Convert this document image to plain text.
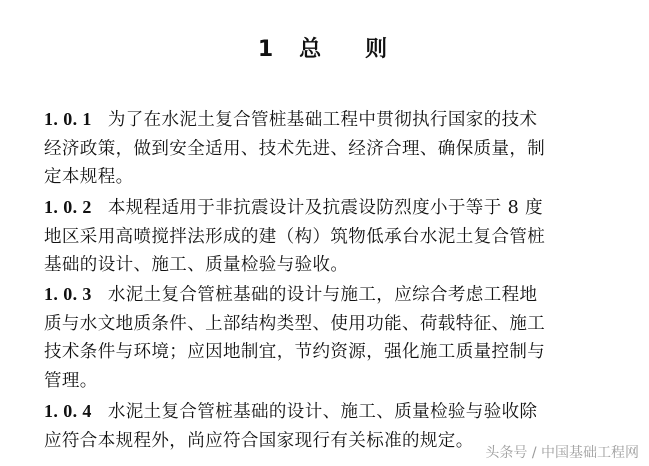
1 总 则
1. 0. 1 为了在水泥土复合管桩基础工程中贯彻执行国家的技术
经济政策，做到安全适用、技术先进、经济合理、确保质量，制
定本规程。
1. 0. 2 本规程适用于非抗震设计及抗震设防烈度小于等于 8 度
地区采用高喷搅拌法形成的建（构）筑物低承台水泥土复合管桩
基础的设计、施工、质量检验与验收。
1. 0. 3 水泥土复合管桩基础的设计与施工，应综合考虑工程地
质与水文地质条件、上部结构类型、使用功能、荷载特征、施工
技术条件与环境；应因地制宜，节约资源，强化施工质量控制与
管理。
1. 0. 4 水泥土复合管桩基础的设计、施工、质量检验与验收除
应符合本规程外，尚应符合国家现行有关标准的规定。
头条号 / 中国基础工程网
